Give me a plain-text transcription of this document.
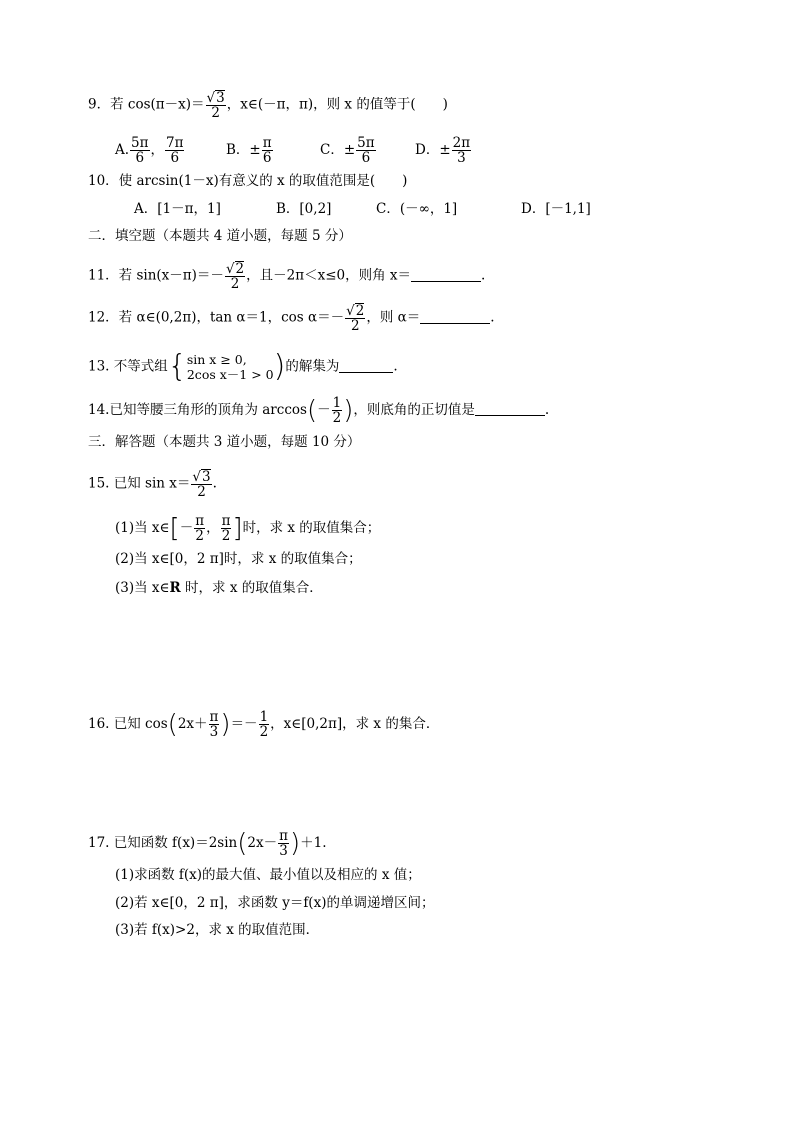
9．若 $\cos(\pi-x)= \frac{√3}{2}$ ，x∈(－π，π)，则 x 的值等于(　　)
A. $\frac{5\pi}{6}$ ， $\frac{7\pi}{6}$	B．± $\frac{\pi}{6}$	C．± $\frac{5\pi}{6}$	D．± $\frac{2\pi}{3}$
10．使 arcsin(1－x)有意义的 x 的取值范围是(　　)
A．[1－π，1]	B．[0,2]	C．(－∞，1]	D．[－1,1]
二．填空题（本题共 4 道小题，每题 5 分）
11．若 $\sin(x-\pi)=- \frac{√2}{2}$ ，且－2π＜x≤0，则角 x＝	.
12．若 α∈(0,2π)，tan α＝1，$\cos \alpha=- \frac{√2}{2}$ ，则 α＝	.
13. 不等式组{ sin x ≥ 0,
2cos x－1 > 0 )的解集为	.
14.已知等腰三角形的顶角为 $\arccos(- \frac{1}{2}$ )，则底角的正切值是	.
三．解答题（本题共 3 道小题，每题 10 分）
15. 已知 $\sin x= \frac{√3}{2}$ .
(1)当 x∈[－ $\frac{\pi}{2}$ ， $\frac{\pi}{2}$ ]时，求 x 的取值集合；
(2)当 x∈[0，2 π]时，求 x 的取值集合；
(3)当 x∈R 时，求 x 的取值集合．
16. 已知 $\cos(2x+ \frac{\pi}{3}$ )＝－ $\frac{1}{2}$ ，x∈[0,2π]，求 x 的集合．
17. 已知函数 $f(x)=2\sin(2x- \frac{\pi}{3} )+1$.
(1)求函数 f(x)的最大值、最小值以及相应的 x 值；
(2)若 x∈[0，2 π]，求函数 y＝f(x)的单调递增区间；
(3)若 f(x)>2，求 x 的取值范围．
